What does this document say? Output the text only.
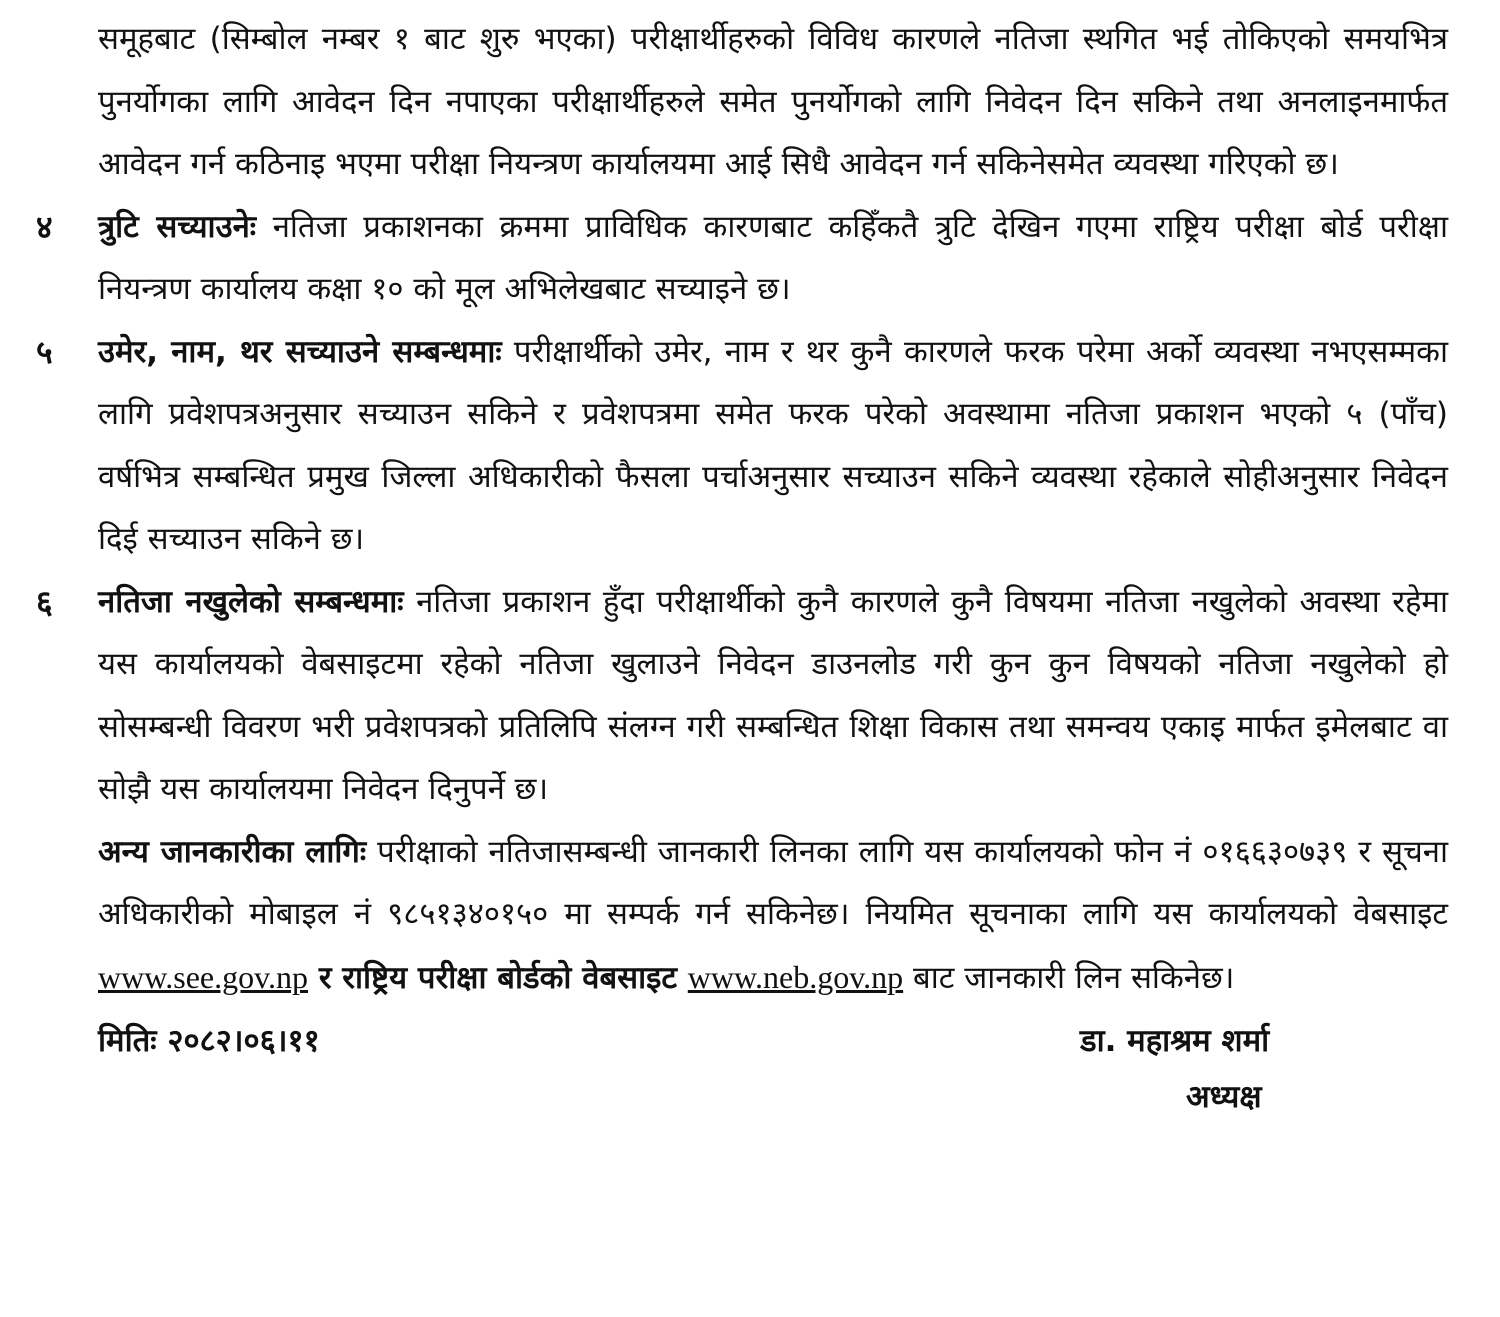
समूहबाट (सिम्बोल नम्बर १ बाट शुरु भएका) परीक्षार्थीहरुको विविध कारणले नतिजा स्थगित भई तोकिएको समयभित्र पुनर्योगका लागि आवेदन दिन नपाएका परीक्षार्थीहरुले समेत पुनर्योगको लागि निवेदन दिन सकिने तथा अनलाइनमार्फत आवेदन गर्न कठिनाइ भएमा परीक्षा नियन्त्रण कार्यालयमा आई सिधै आवेदन गर्न सकिनेसमेत व्यवस्था गरिएको छ।

४ त्रुटि सच्याउनेः नतिजा प्रकाशनका क्रममा प्राविधिक कारणबाट कहिँकतै त्रुटि देखिन गएमा राष्ट्रिय परीक्षा बोर्ड परीक्षा नियन्त्रण कार्यालय कक्षा १० को मूल अभिलेखबाट सच्याइने छ।
५ उमेर, नाम, थर सच्याउने सम्बन्धमाः परीक्षार्थीको उमेर, नाम र थर कुनै कारणले फरक परेमा अर्को व्यवस्था नभएसम्मका लागि प्रवेशपत्रअनुसार सच्याउन सकिने र प्रवेशपत्रमा समेत फरक परेको अवस्थामा नतिजा प्रकाशन भएको ५ (पाँच) वर्षभित्र सम्बन्धित प्रमुख जिल्ला अधिकारीको फैसला पर्चाअनुसार सच्याउन सकिने व्यवस्था रहेकाले सोहीअनुसार निवेदन दिई सच्याउन सकिने छ।
६ नतिजा नखुलेको सम्बन्धमाः नतिजा प्रकाशन हुँदा परीक्षार्थीको कुनै कारणले कुनै विषयमा नतिजा नखुलेको अवस्था रहेमा यस कार्यालयको वेबसाइटमा रहेको नतिजा खुलाउने निवेदन डाउनलोड गरी कुन कुन विषयको नतिजा नखुलेको हो सोसम्बन्धी विवरण भरी प्रवेशपत्रको प्रतिलिपि संलग्न गरी सम्बन्धित शिक्षा विकास तथा समन्वय एकाइ मार्फत इमेलबाट वा सोझै यस कार्यालयमा निवेदन दिनुपर्ने छ।

अन्य जानकारीका लागिः परीक्षाको नतिजासम्बन्धी जानकारी लिनका लागि यस कार्यालयको फोन नं ०१६६३०७३९ र सूचना अधिकारीको मोबाइल नं ९८५१३४०१५० मा सम्पर्क गर्न सकिनेछ। नियमित सूचनाका लागि यस कार्यालयको वेबसाइट www.see.gov.np र राष्ट्रिय परीक्षा बोर्डको वेबसाइट www.neb.gov.np बाट जानकारी लिन सकिनेछ।

मितिः २०८२।०६।११	डा. महाश्रम शर्मा
अध्यक्ष
